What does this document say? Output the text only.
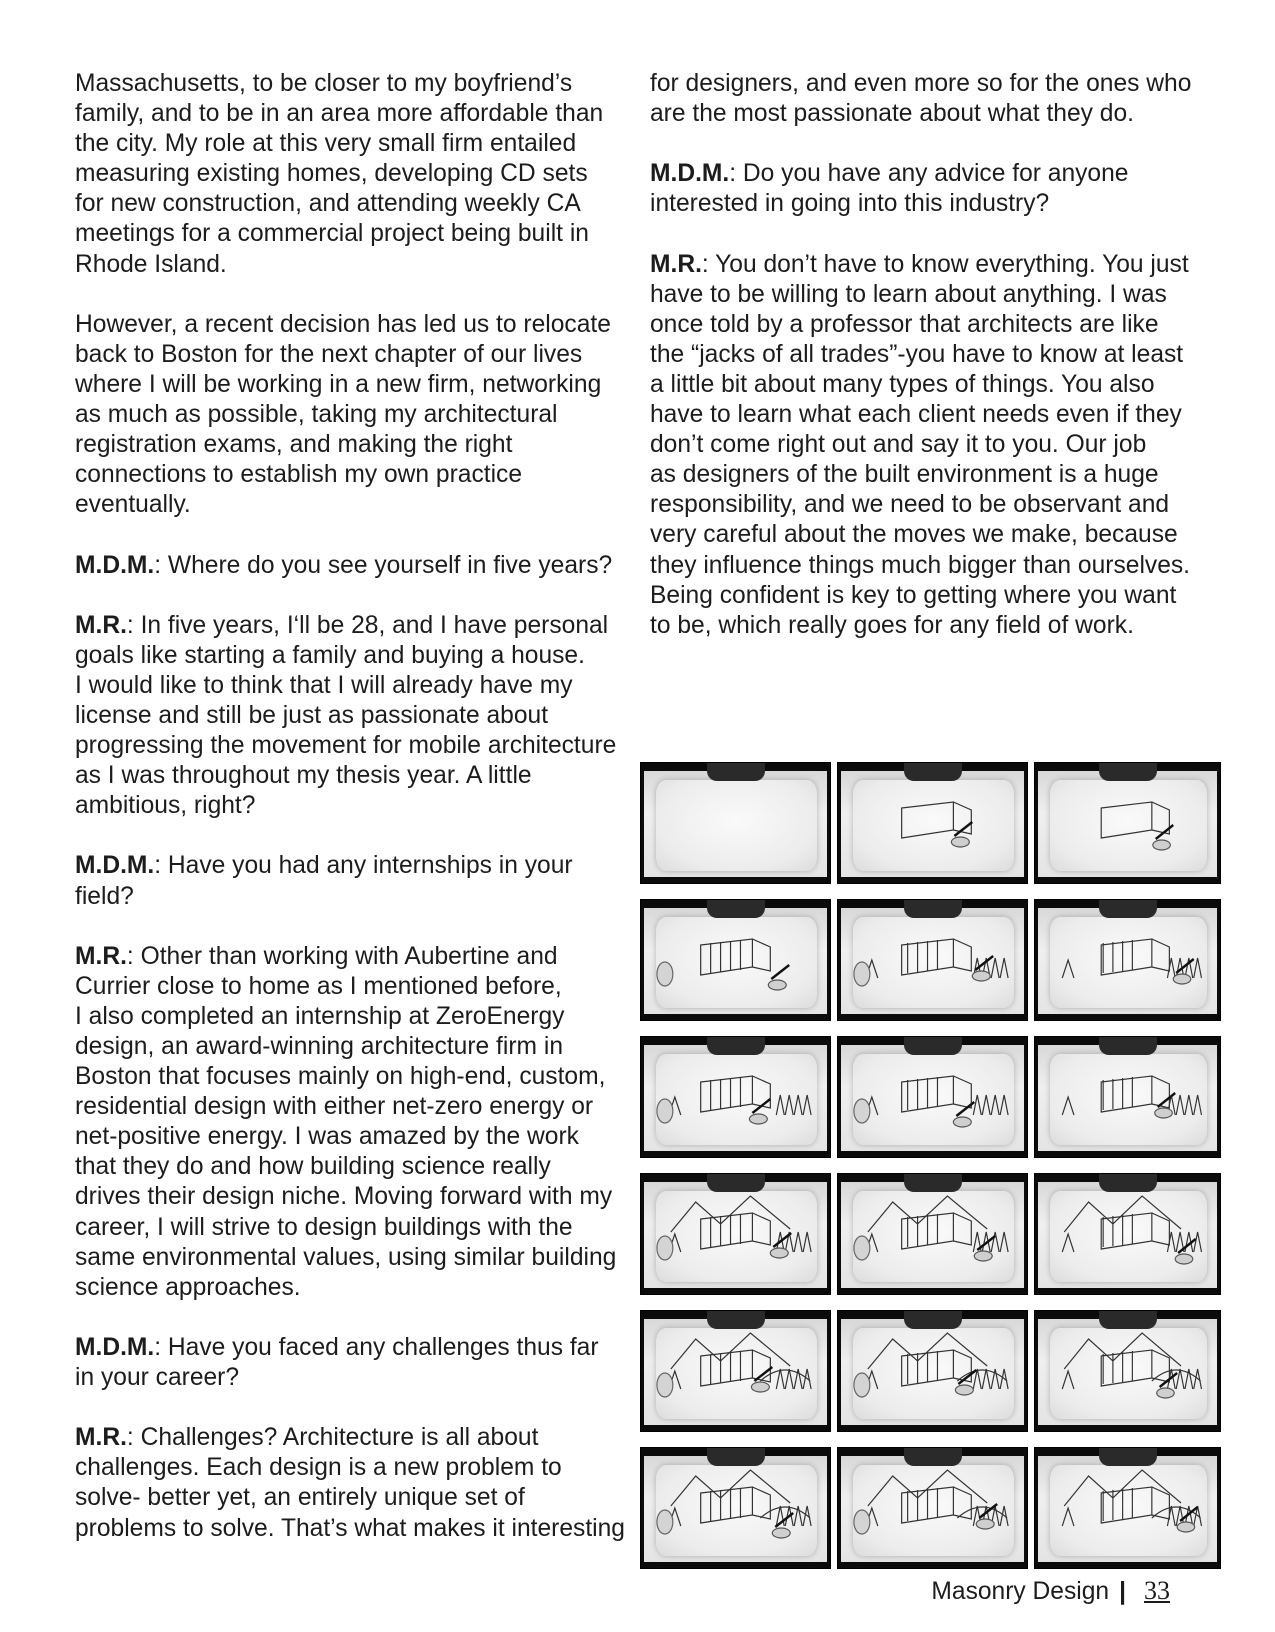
Massachusetts, to be closer to my boyfriend’s
family, and to be in an area more affordable than
the city. My role at this very small firm entailed
measuring existing homes, developing CD sets
for new construction, and attending weekly CA
meetings for a commercial project being built in
Rhode Island.
However, a recent decision has led us to relocate
back to Boston for the next chapter of our lives
where I will be working in a new firm, networking
as much as possible, taking my architectural
registration exams, and making the right
connections to establish my own practice
eventually.
M.D.M.: Where do you see yourself in five years?
M.R.: In five years, I‘ll be 28, and I have personal
goals like starting a family and buying a house.
I would like to think that I will already have my
license and still be just as passionate about
progressing the movement for mobile architecture
as I was throughout my thesis year. A little
ambitious, right?
M.D.M.: Have you had any internships in your
field?
M.R.: Other than working with Aubertine and
Currier close to home as I mentioned before,
I also completed an internship at ZeroEnergy
design, an award-winning architecture firm in
Boston that focuses mainly on high-end, custom,
residential design with either net-zero energy or
net-positive energy. I was amazed by the work
that they do and how building science really
drives their design niche. Moving forward with my
career, I will strive to design buildings with the
same environmental values, using similar building
science approaches.
M.D.M.: Have you faced any challenges thus far
in your career?
M.R.: Challenges? Architecture is all about
challenges. Each design is a new problem to
solve- better yet, an entirely unique set of
problems to solve. That’s what makes it interesting
for designers, and even more so for the ones who
are the most passionate about what they do.
M.D.M.: Do you have any advice for anyone
interested in going into this industry?
M.R.: You don’t have to know everything. You just
have to be willing to learn about anything. I was
once told by a professor that architects are like
the “jacks of all trades”-you have to know at least
a little bit about many types of things. You also
have to learn what each client needs even if they
don’t come right out and say it to you. Our job
as designers of the built environment is a huge
responsibility, and we need to be observant and
very careful about the moves we make, because
they influence things much bigger than ourselves.
Being confident is key to getting where you want
to be, which really goes for any field of work.
Masonry Design | 33
